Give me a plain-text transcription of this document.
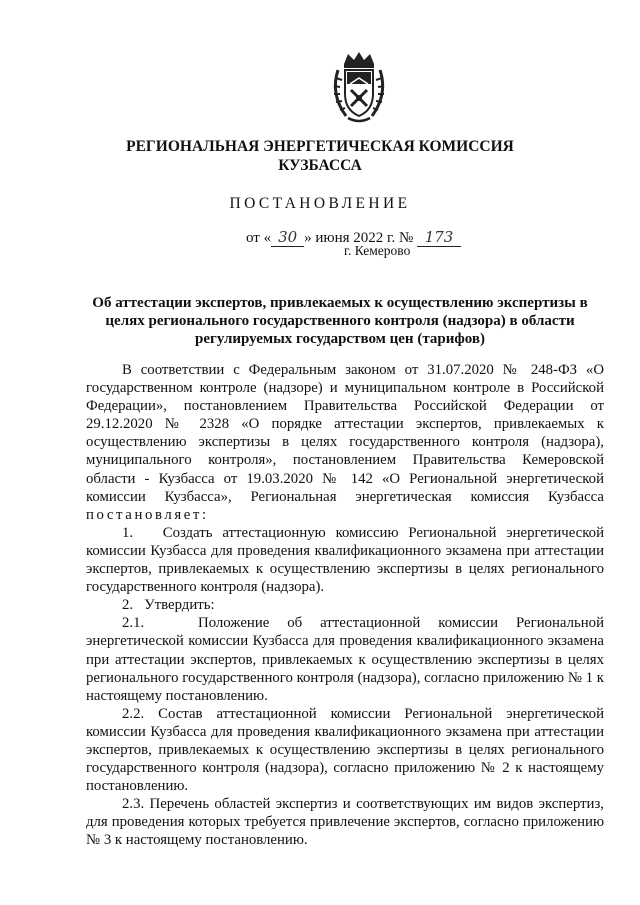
РЕГИОНАЛЬНАЯ ЭНЕРГЕТИЧЕСКАЯ КОМИССИЯ
КУЗБАССА
ПОСТАНОВЛЕНИЕ
от « 30 » июня 2022 г. № 173
г. Кемерово
Об аттестации экспертов, привлекаемых к осуществлению экспертизы в
целях регионального государственного контроля (надзора) в области
регулируемых государством цен (тарифов)

В соответствии с Федеральным законом от 31.07.2020 № 248-ФЗ «О государственном контроле (надзоре) и муниципальном контроле в Российской Федерации», постановлением Правительства Российской Федерации от 29.12.2020 № 2328 «О порядке аттестации экспертов, привлекаемых к осуществлению экспертизы в целях государственного контроля (надзора), муниципального контроля», постановлением Правительства Кемеровской области - Кузбасса от 19.03.2020 № 142 «О Региональной энергетической комиссии Кузбасса», Региональная энергетическая комиссия Кузбасса постановляет:

1.   Создать аттестационную комиссию Региональной энергетической комиссии Кузбасса для проведения квалификационного экзамена при аттестации экспертов, привлекаемых к осуществлению экспертизы в целях регионального государственного контроля (надзора).

2.   Утвердить:

2.1.   Положение об аттестационной комиссии Региональной энергетической комиссии Кузбасса для проведения квалификационного экзамена при аттестации экспертов, привлекаемых к осуществлению экспертизы в целях регионального государственного контроля (надзора), согласно приложению № 1 к настоящему постановлению.

2.2. Состав аттестационной комиссии Региональной энергетической комиссии Кузбасса для проведения квалификационного экзамена при аттестации экспертов, привлекаемых к осуществлению экспертизы в целях регионального государственного контроля (надзора), согласно приложению № 2 к настоящему постановлению.

2.3. Перечень областей экспертиз и соответствующих им видов экспертиз, для проведения которых требуется привлечение экспертов, согласно приложению № 3 к настоящему постановлению.
